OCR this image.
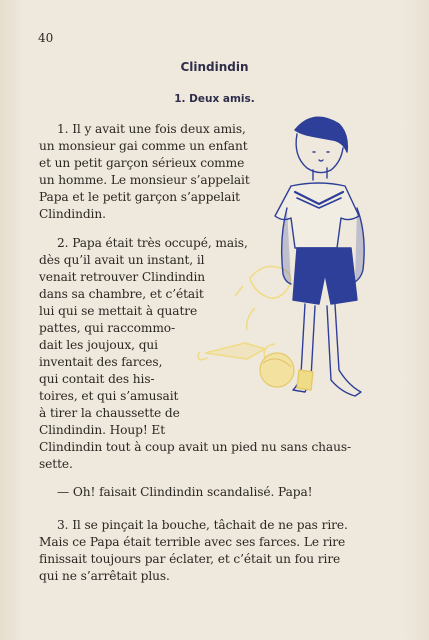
40
Clindindin
1. Deux amis.
1. Il y avait une fois deux amis,
un monsieur gai comme un enfant
et un petit garçon sérieux comme
un homme. Le monsieur s’appelait
Papa et le petit garçon s’appelait
Clindindin.
2. Papa était très occupé, mais,
dès qu’il avait un instant, il
venait retrouver Clindindin
dans sa chambre, et c’était
lui qui se mettait à quatre
pattes, qui raccommo-
dait les joujoux, qui
inventait des farces,
qui contait des his-
toires, et qui s’amusait
à tirer la chaussette de
Clindindin. Houp! Et
Clindindin tout à coup avait un pied nu sans chaus-
sette.
— Oh! faisait Clindindin scandalisé. Papa!
3. Il se pinçait la bouche, tâchait de ne pas rire.
Mais ce Papa était terrible avec ses farces. Le rire
finissait toujours par éclater, et c’était un fou rire
qui ne s’arrêtait plus.
